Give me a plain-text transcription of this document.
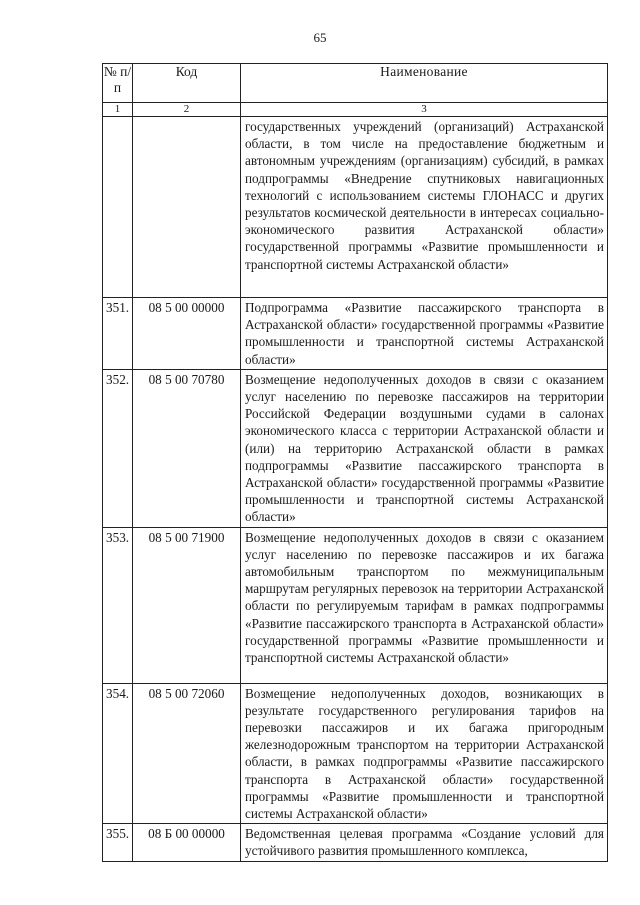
65
№ п/п	Код	Наименование
1	2	3
		государственных учреждений (организаций) Астраханской области, в том числе на предоставление бюджетным и автономным учреждениям (организациям) субсидий, в рамках подпрограммы «Внедрение спутниковых навигационных технологий с использованием системы ГЛОНАСС и других результатов космической деятельности в интересах социально-экономического развития Астраханской области» государственной программы «Развитие промышленности и транспортной системы Астраханской области»
351.	08 5 00 00000	Подпрограмма «Развитие пассажирского транспорта в Астраханской области» государственной программы «Развитие промышленности и транспортной системы Астраханской области»
352.	08 5 00 70780	Возмещение недополученных доходов в связи с оказанием услуг населению по перевозке пассажиров на территории Российской Федерации воздушными судами в салонах экономического класса с территории Астраханской области и (или) на территорию Астраханской области в рамках подпрограммы «Развитие пассажирского транспорта в Астраханской области» государственной программы «Развитие промышленности и транспортной системы Астраханской области»
353.	08 5 00 71900	Возмещение недополученных доходов в связи с оказанием услуг населению по перевозке пассажиров и их багажа автомобильным транспортом по межмуниципальным маршрутам регулярных перевозок на территории Астраханской области по регулируемым тарифам в рамках подпрограммы «Развитие пассажирского транспорта в Астраханской области» государственной программы «Развитие промышленности и транспортной системы Астраханской области»
354.	08 5 00 72060	Возмещение недополученных доходов, возникающих в результате государственного регулирования тарифов на перевозки пассажиров и их багажа пригородным железнодорожным транспортом на территории Астраханской области, в рамках подпрограммы «Развитие пассажирского транспорта в Астраханской области» государственной программы «Развитие промышленности и транспортной системы Астраханской области»
355.	08 Б 00 00000	Ведомственная целевая программа «Создание условий для устойчивого развития промышленного комплекса,
